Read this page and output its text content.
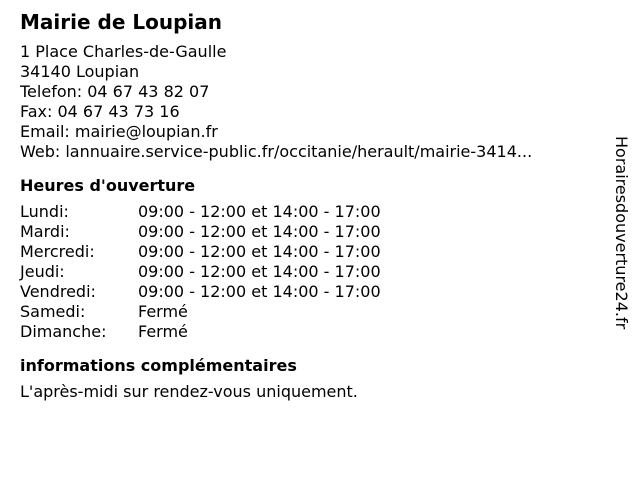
Mairie de Loupian
1 Place Charles-de-Gaulle
34140 Loupian
Telefon: 04 67 43 82 07
Fax: 04 67 43 73 16
Email: mairie@loupian.fr
Web: lannuaire.service-public.fr/occitanie/herault/mairie-3414...
Heures d'ouverture
Lundi:	09:00 - 12:00 et 14:00 - 17:00
Mardi:	09:00 - 12:00 et 14:00 - 17:00
Mercredi:	09:00 - 12:00 et 14:00 - 17:00
Jeudi:	09:00 - 12:00 et 14:00 - 17:00
Vendredi:	09:00 - 12:00 et 14:00 - 17:00
Samedi:	Fermé
Dimanche:	Fermé
informations complémentaires
L'après-midi sur rendez-vous uniquement.
Horairesdouverture24.fr
